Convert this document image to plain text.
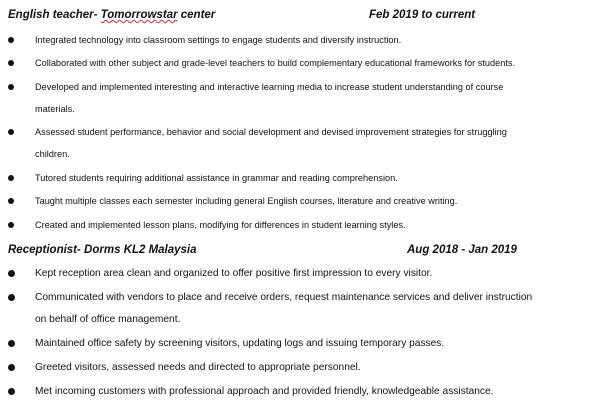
English teacher- Tomorrowstar center	Feb 2019 to current
Integrated technology into classroom settings to engage students and diversify instruction.
Collaborated with other subject and grade-level teachers to build complementary educational frameworks for students.
Developed and implemented interesting and interactive learning media to increase student understanding of course
materials.
Assessed student performance, behavior and social development and devised improvement strategies for struggling
children.
Tutored students requiring additional assistance in grammar and reading comprehension.
Taught multiple classes each semester including general English courses, literature and creative writing.
Created and implemented lesson plans, modifying for differences in student learning styles.
Receptionist- Dorms KL2 Malaysia	Aug 2018 - Jan 2019
Kept reception area clean and organized to offer positive first impression to every visitor.
Communicated with vendors to place and receive orders, request maintenance services and deliver instruction
on behalf of office management.
Maintained office safety by screening visitors, updating logs and issuing temporary passes.
Greeted visitors, assessed needs and directed to appropriate personnel.
Met incoming customers with professional approach and provided friendly, knowledgeable assistance.
